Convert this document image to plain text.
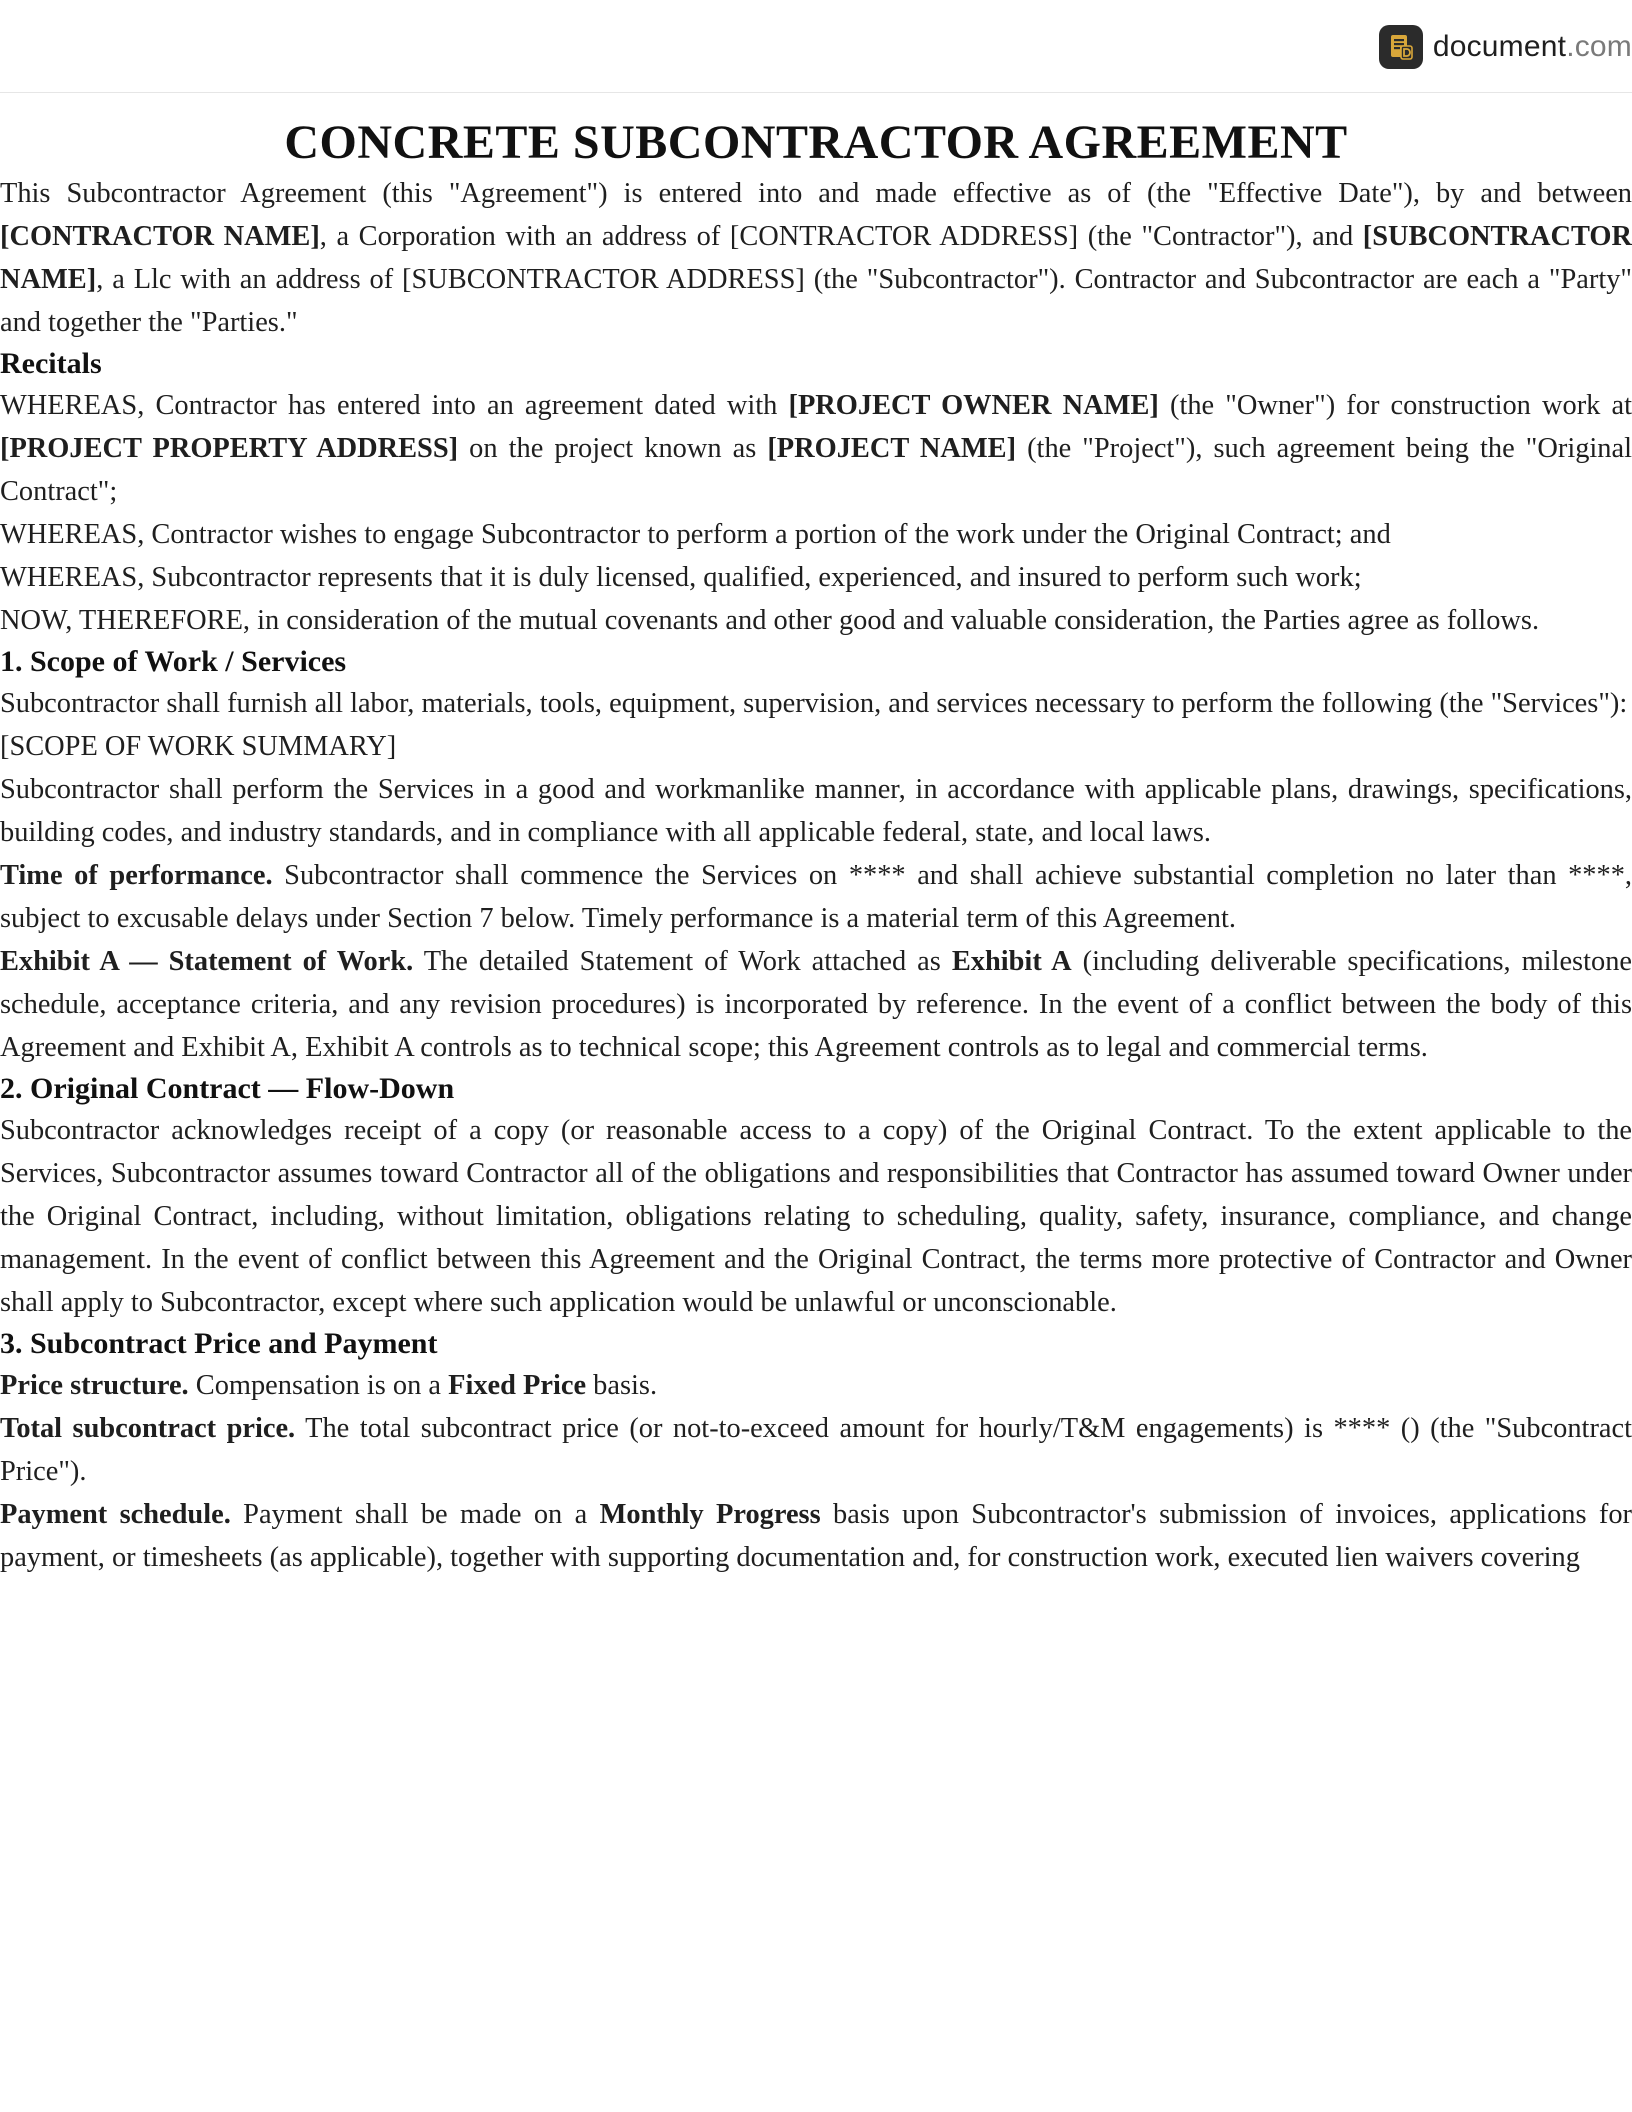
document.com
CONCRETE SUBCONTRACTOR AGREEMENT

This Subcontractor Agreement (this "Agreement") is entered into and made effective as of (the "Effective Date"), by and between [CONTRACTOR NAME], a Corporation with an address of [CONTRACTOR ADDRESS] (the "Contractor"), and [SUBCONTRACTOR NAME], a Llc with an address of [SUBCONTRACTOR ADDRESS] (the "Subcontractor"). Contractor and Subcontractor are each a "Party" and together the "Parties."

Recitals

WHEREAS, Contractor has entered into an agreement dated with [PROJECT OWNER NAME] (the "Owner") for construction work at [PROJECT PROPERTY ADDRESS] on the project known as [PROJECT NAME] (the "Project"), such agreement being the "Original Contract";

WHEREAS, Contractor wishes to engage Subcontractor to perform a portion of the work under the Original Contract; and

WHEREAS, Subcontractor represents that it is duly licensed, qualified, experienced, and insured to perform such work;

NOW, THEREFORE, in consideration of the mutual covenants and other good and valuable consideration, the Parties agree as follows.

1. Scope of Work / Services

Subcontractor shall furnish all labor, materials, tools, equipment, supervision, and services necessary to perform the following (the "Services"):

[SCOPE OF WORK SUMMARY]

Subcontractor shall perform the Services in a good and workmanlike manner, in accordance with applicable plans, drawings, specifications, building codes, and industry standards, and in compliance with all applicable federal, state, and local laws.

Time of performance. Subcontractor shall commence the Services on **** and shall achieve substantial completion no later than ****, subject to excusable delays under Section 7 below. Timely performance is a material term of this Agreement.

Exhibit A — Statement of Work. The detailed Statement of Work attached as Exhibit A (including deliverable specifications, milestone schedule, acceptance criteria, and any revision procedures) is incorporated by reference. In the event of a conflict between the body of this Agreement and Exhibit A, Exhibit A controls as to technical scope; this Agreement controls as to legal and commercial terms.

2. Original Contract — Flow-Down

Subcontractor acknowledges receipt of a copy (or reasonable access to a copy) of the Original Contract. To the extent applicable to the Services, Subcontractor assumes toward Contractor all of the obligations and responsibilities that Contractor has assumed toward Owner under the Original Contract, including, without limitation, obligations relating to scheduling, quality, safety, insurance, compliance, and change management. In the event of conflict between this Agreement and the Original Contract, the terms more protective of Contractor and Owner shall apply to Subcontractor, except where such application would be unlawful or unconscionable.

3. Subcontract Price and Payment

Price structure. Compensation is on a Fixed Price basis.

Total subcontract price. The total subcontract price (or not-to-exceed amount for hourly/T&M engagements) is **** () (the "Subcontract Price").

Payment schedule. Payment shall be made on a Monthly Progress basis upon Subcontractor's submission of invoices, applications for payment, or timesheets (as applicable), together with supporting documentation and, for construction work, executed lien waivers covering
